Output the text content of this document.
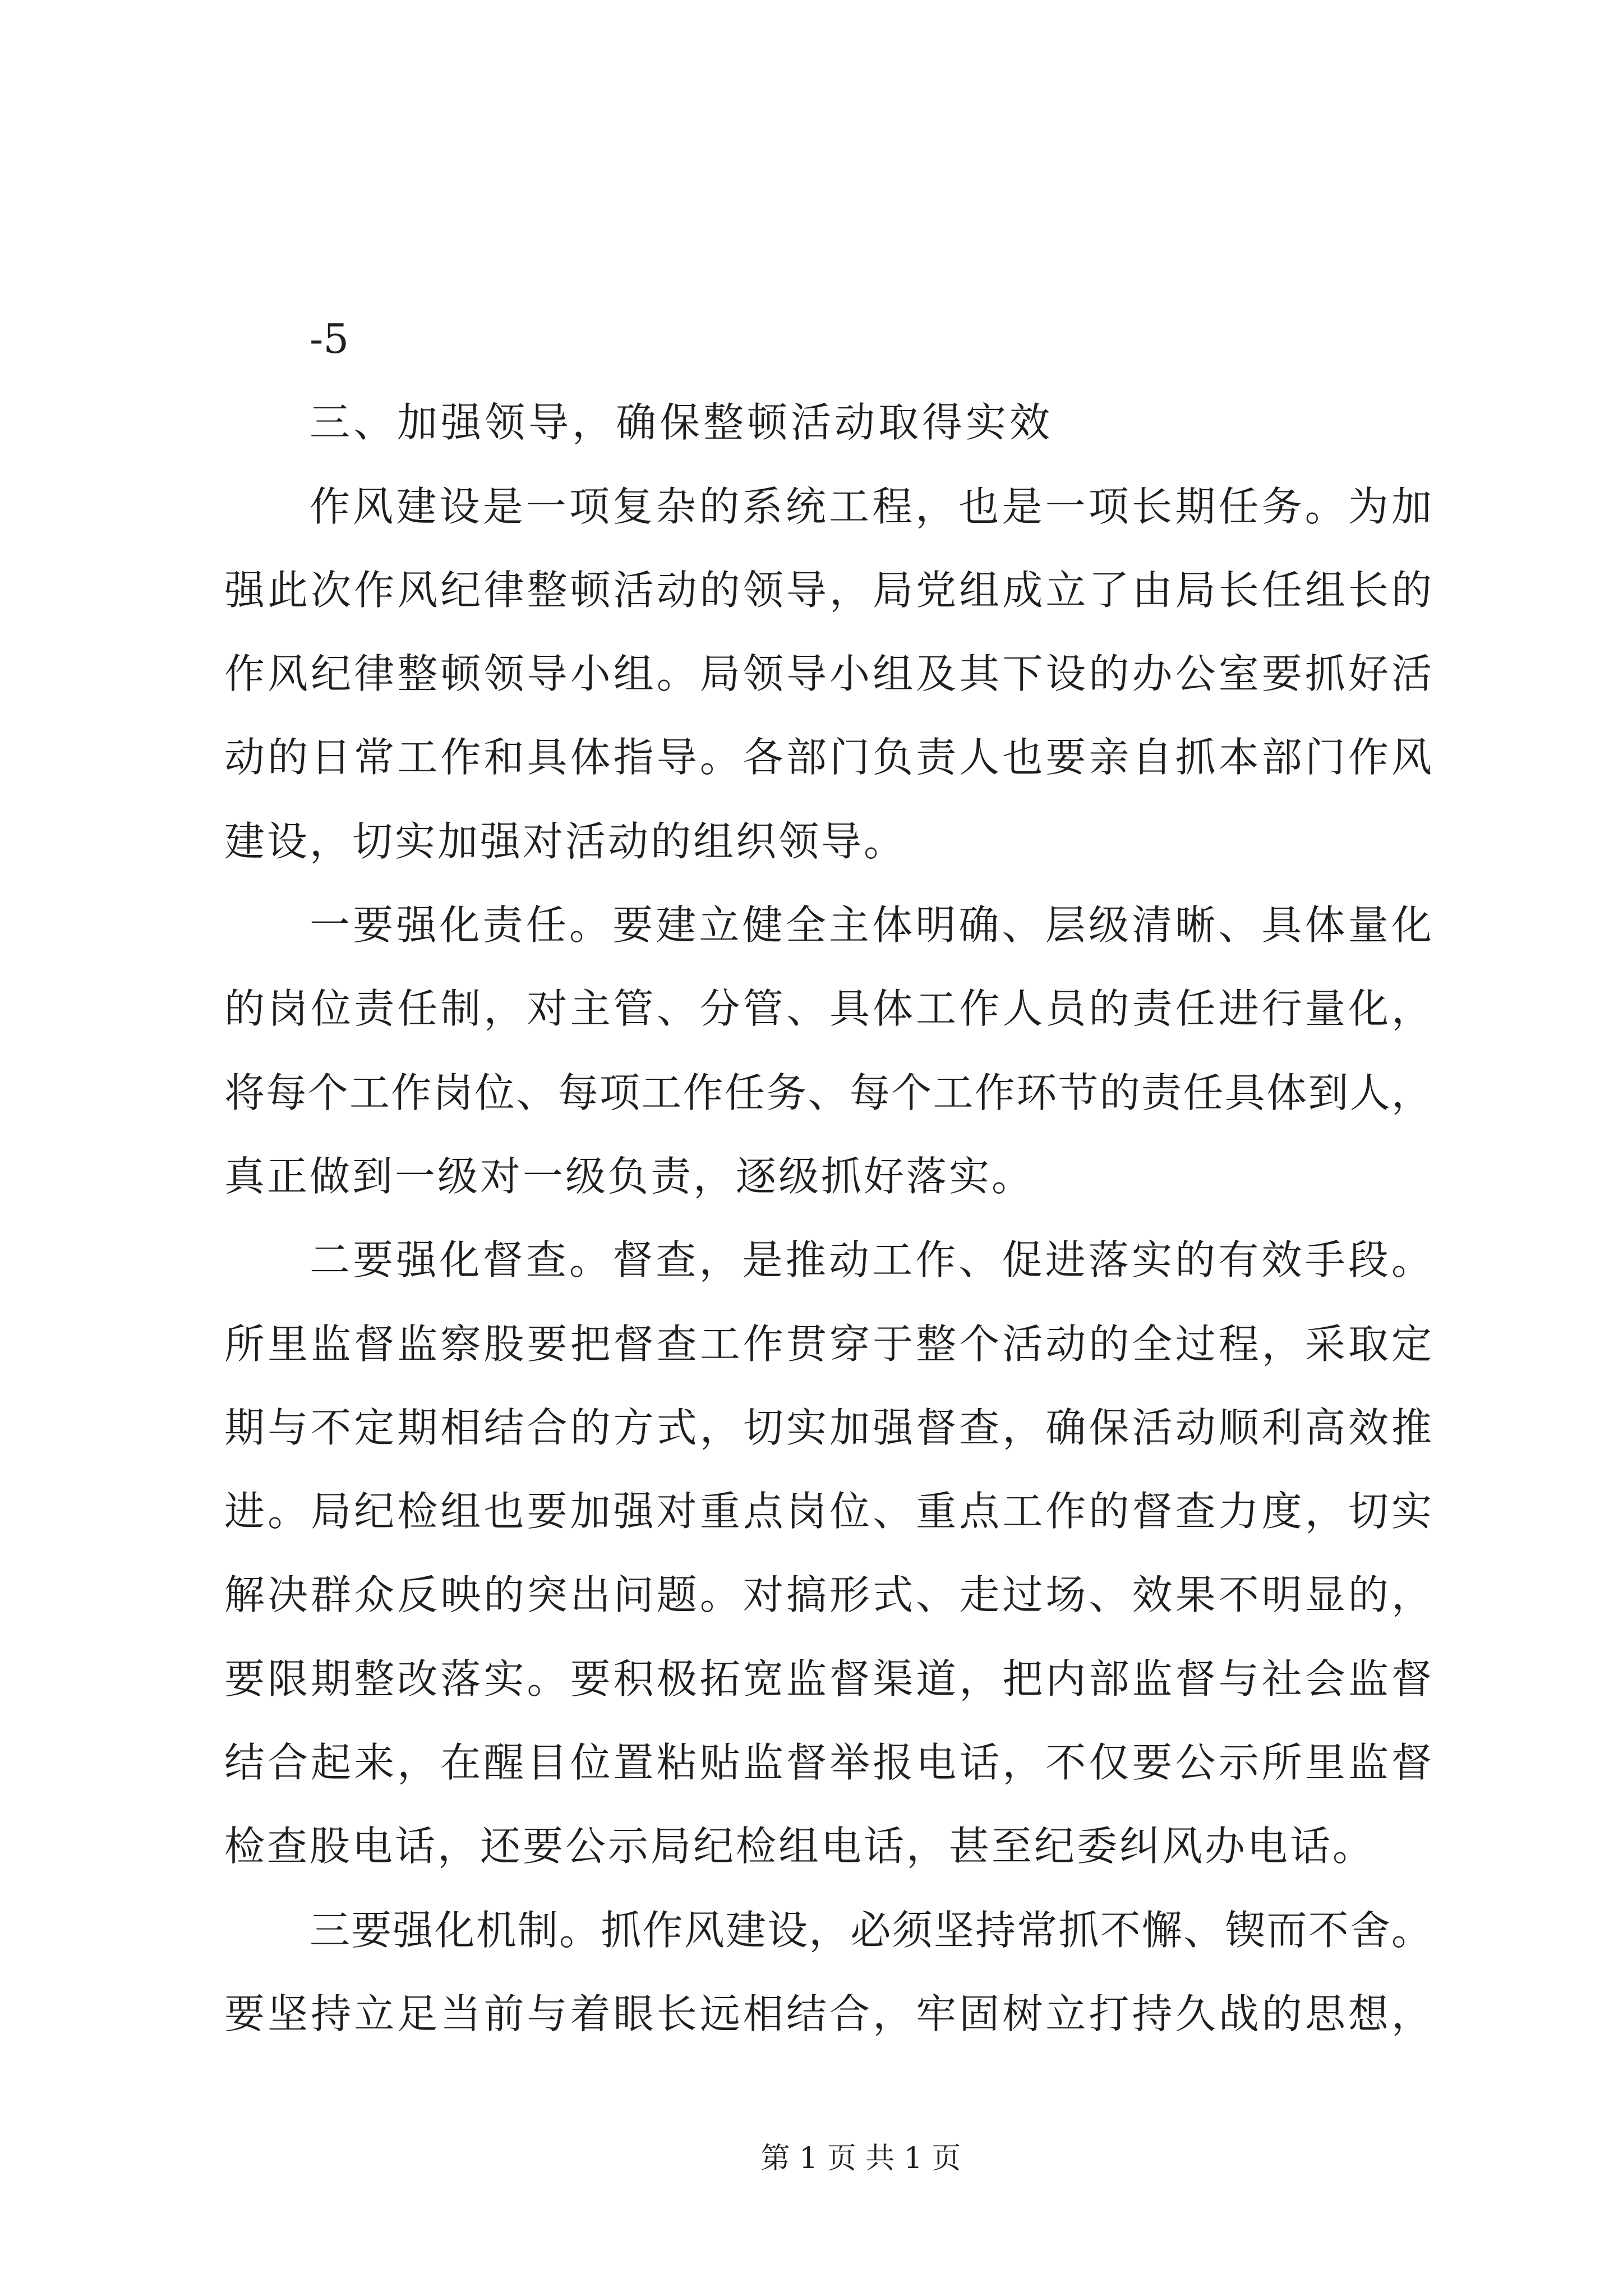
-5
三、加强领导，确保整顿活动取得实效
作风建设是一项复杂的系统工程，也是一项长期任务。为加
强此次作风纪律整顿活动的领导，局党组成立了由局长任组长的
作风纪律整顿领导小组。局领导小组及其下设的办公室要抓好活
动的日常工作和具体指导。各部门负责人也要亲自抓本部门作风
建设，切实加强对活动的组织领导。
一要强化责任。要建立健全主体明确、层级清晰、具体量化
的岗位责任制，对主管、分管、具体工作人员的责任进行量化，
将每个工作岗位、每项工作任务、每个工作环节的责任具体到人，
真正做到一级对一级负责，逐级抓好落实。
二要强化督查。督查，是推动工作、促进落实的有效手段。
所里监督监察股要把督查工作贯穿于整个活动的全过程，采取定
期与不定期相结合的方式，切实加强督查，确保活动顺利高效推
进。局纪检组也要加强对重点岗位、重点工作的督查力度，切实
解决群众反映的突出问题。对搞形式、走过场、效果不明显的，
要限期整改落实。要积极拓宽监督渠道，把内部监督与社会监督
结合起来，在醒目位置粘贴监督举报电话，不仅要公示所里监督
检查股电话，还要公示局纪检组电话，甚至纪委纠风办电话。
三要强化机制。抓作风建设，必须坚持常抓不懈、锲而不舍。
要坚持立足当前与着眼长远相结合，牢固树立打持久战的思想，
第 1 页 共 1 页
